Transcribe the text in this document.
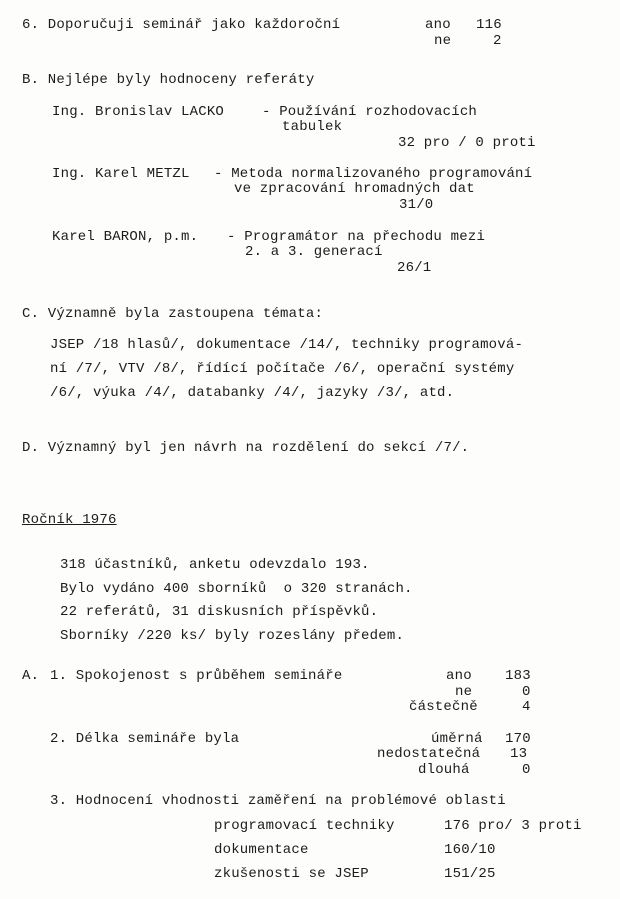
6. Doporučuji seminář jako každoroční	ano 116
ne	2
B. Nejlépe byly hodnoceny referáty
Ing. Bronislav LACKO	- Používání rozhodovacích
tabulek
32 pro / 0 proti
Ing. Karel METZL - Metoda normalizovaného programování
ve zpracování hromadných dat
31/0
Karel BARON, p.m. - Programátor na přechodu mezi
2. a 3. generací
26/1
C. Významně byla zastoupena témata:
JSEP /18 hlasů/, dokumentace /14/, techniky programová-
ní /7/, VTV /8/, řídící počítače /6/, operační systémy
/6/, výuka /4/, databanky /4/, jazyky /3/, atd.
D. Významný byl jen návrh na rozdělení do sekcí /7/.
Ročník 1976
318 účastníků, anketu odevzdalo 193.
Bylo vydáno 400 sborníků  o 320 stranách.
22 referátů, 31 diskusních příspěvků.
Sborníky /220 ks/ byly rozeslány předem.
A. 1. Spokojenost s průběhem semináře	ano 183
ne	0
částečně	4
2. Délka semináře byla	úměrná 170
nedostatečná 13
dlouhá	0
3. Hodnocení vhodnosti zaměření na problémové oblasti
programovací techniky	176 pro/ 3 proti
dokumentace	160/10
zkušenosti se JSEP	151/25
